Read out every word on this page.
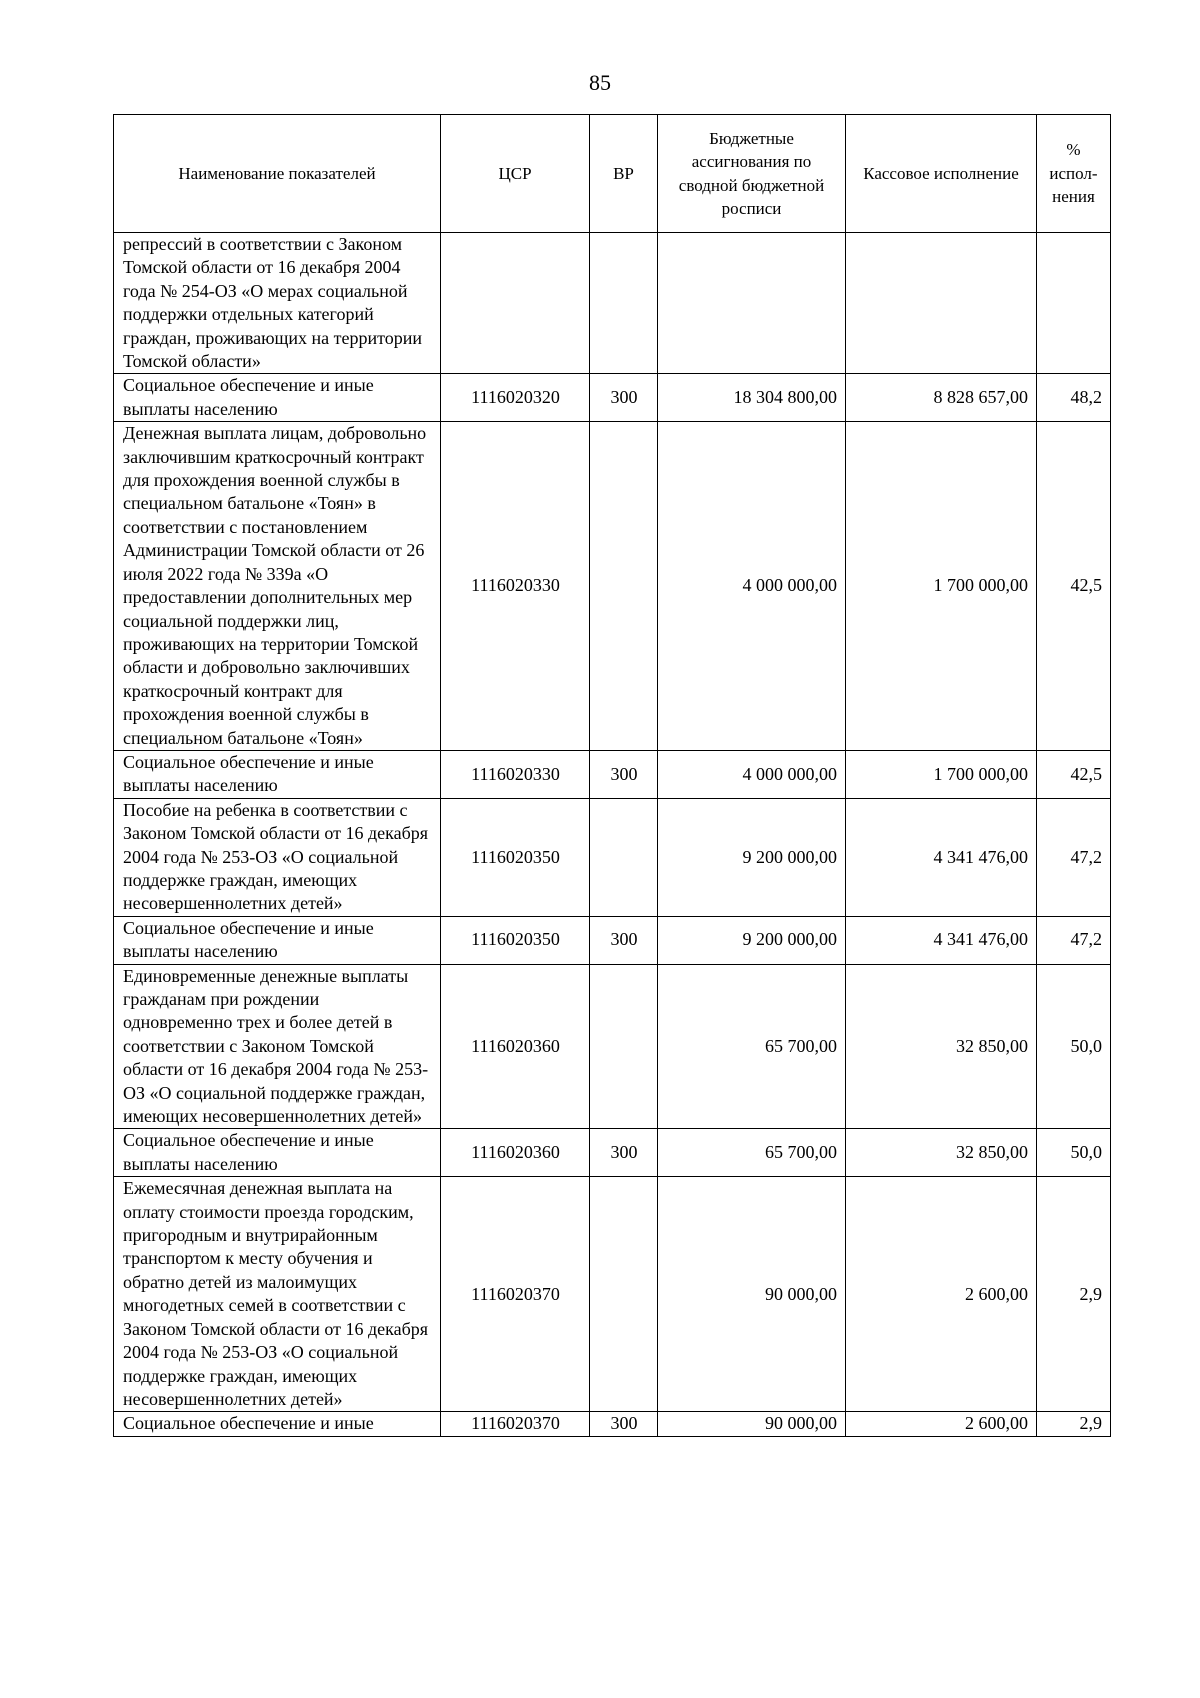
85
Наименование показателей	ЦСР	ВР	Бюджетные ассигнования по сводной бюджетной росписи	Кассовое исполнение	% испол-нения
репрессий в соответствии с Законом Томской области от 16 декабря 2004 года № 254-ОЗ «О мерах социальной поддержки отдельных категорий граждан, проживающих на территории Томской области»					
Социальное обеспечение и иные выплаты населению	1116020320	300	18 304 800,00	8 828 657,00	48,2
Денежная выплата лицам, добровольно заключившим краткосрочный контракт для прохождения военной службы в специальном батальоне «Тоян» в соответствии с постановлением Администрации Томской области от 26 июля 2022 года № 339а «О предоставлении дополнительных мер социальной поддержки лиц, проживающих на территории Томской области и добровольно заключивших краткосрочный контракт для прохождения военной службы в специальном батальоне «Тоян»	1116020330		4 000 000,00	1 700 000,00	42,5
Социальное обеспечение и иные выплаты населению	1116020330	300	4 000 000,00	1 700 000,00	42,5
Пособие на ребенка в соответствии с Законом Томской области от 16 декабря 2004 года № 253-ОЗ «О социальной поддержке граждан, имеющих несовершеннолетних детей»	1116020350		9 200 000,00	4 341 476,00	47,2
Социальное обеспечение и иные выплаты населению	1116020350	300	9 200 000,00	4 341 476,00	47,2
Единовременные денежные выплаты гражданам при рождении одновременно трех и более детей в соответствии с Законом Томской области от 16 декабря 2004 года № 253-ОЗ «О социальной поддержке граждан, имеющих несовершеннолетних детей»	1116020360		65 700,00	32 850,00	50,0
Социальное обеспечение и иные выплаты населению	1116020360	300	65 700,00	32 850,00	50,0
Ежемесячная денежная выплата на оплату стоимости проезда городским, пригородным и внутрирайонным транспортом к месту обучения и обратно детей из малоимущих многодетных семей в соответствии с Законом Томской области от 16 декабря 2004 года № 253-ОЗ «О социальной поддержке граждан, имеющих несовершеннолетних детей»	1116020370		90 000,00	2 600,00	2,9
Социальное обеспечение и иные	1116020370	300	90 000,00	2 600,00	2,9
